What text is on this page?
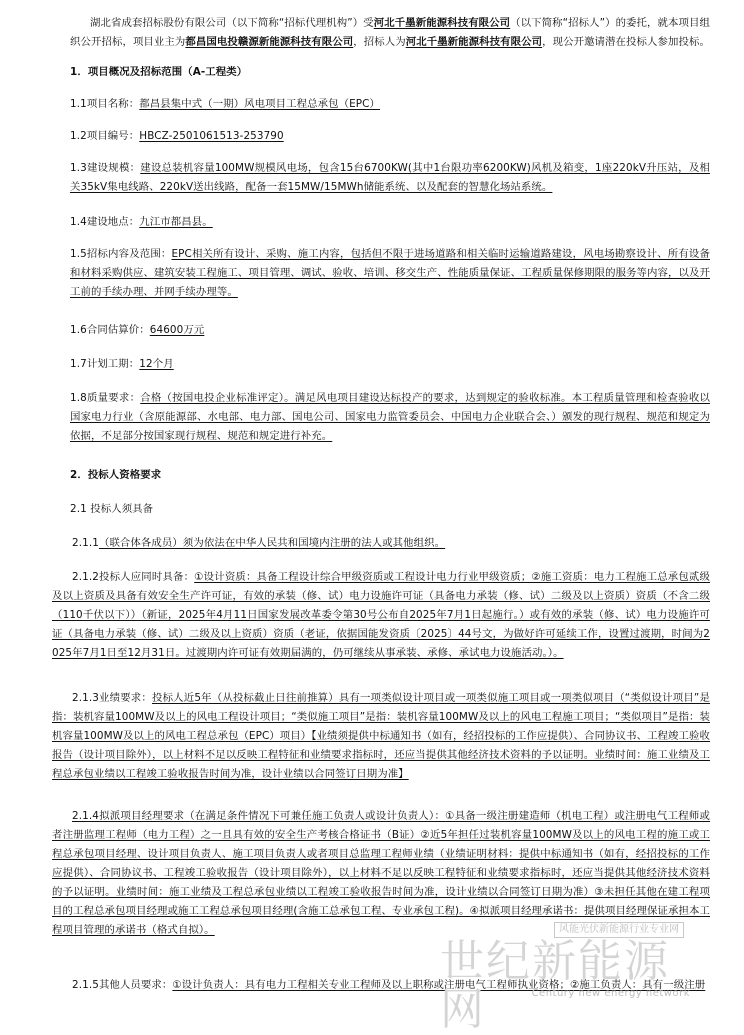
湖北省成套招标股份有限公司（以下简称“招标代理机构”）受河北千墨新能源科技有限公司（以下简称“招标人”）的委托，就本项目组织公开招标，项目业主为都昌国电投赣源新能源科技有限公司，招标人为河北千墨新能源科技有限公司，现公开邀请潜在投标人参加投标。

1．项目概况及招标范围（A-工程类）

1.1项目名称：都昌县集中式（一期）风电项目工程总承包（EPC）

1.2项目编号：HBCZ-2501061513-253790

1.3建设规模：建设总装机容量100MW规模风电场，包含15台6700KW(其中1台限功率6200KW)风机及箱变，1座220kV升压站，及相关35kV集电线路、220kV送出线路，配备一套15MW/15MWh储能系统、以及配套的智慧化场站系统。

1.4建设地点：九江市都昌县。

1.5招标内容及范围：EPC相关所有设计、采购、施工内容，包括但不限于进场道路和相关临时运输道路建设，风电场勘察设计、所有设备和材料采购供应、建筑安装工程施工、项目管理、调试、验收、培训、移交生产、性能质量保证、工程质量保修期限的服务等内容，以及开工前的手续办理、并网手续办理等。

1.6合同估算价：64600万元

1.7计划工期：12个月

1.8质量要求：合格（按国电投企业标准评定）。满足风电项目建设达标投产的要求，达到规定的验收标准。本工程质量管理和检查验收以国家电力行业（含原能源部、水电部、电力部、国电公司、国家电力监管委员会、中国电力企业联合会、）颁发的现行规程、规范和规定为依据，不足部分按国家现行规程、规范和规定进行补充。

2．投标人资格要求

2.1 投标人须具备

2.1.1（联合体各成员）须为依法在中华人民共和国境内注册的法人或其他组织。

2.1.2投标人应同时具备：①设计资质：具备工程设计综合甲级资质或工程设计电力行业甲级资质；②施工资质：电力工程施工总承包贰级及以上资质及具备有效安全生产许可证，有效的承装（修、试）电力设施许可证（具备电力承装（修、试）二级及以上资质）资质（不含二级（110千伏以下））（新证，2025年4月11日国家发展改革委令第30号公布自2025年7月1日起施行。）或有效的承装（修、试）电力设施许可证（具备电力承装（修、试）二级及以上资质）资质（老证，依据国能发资质〔2025〕44号文，为做好许可延续工作，设置过渡期，时间为2025年7月1日至12月31日。过渡期内许可证有效期届满的，仍可继续从事承装、承修、承试电力设施活动。）。

2.1.3业绩要求：投标人近5年（从投标截止日往前推算）具有一项类似设计项目或一项类似施工项目或一项类似项目（“类似设计项目”是指：装机容量100MW及以上的风电工程设计项目；“类似施工项目”是指：装机容量100MW及以上的风电工程施工项目；“类似项目”是指：装机容量100MW及以上的风电工程总承包（EPC）项目）【业绩须提供中标通知书（如有，经招投标的工作应提供）、合同协议书、工程竣工验收报告（设计项目除外），以上材料不足以反映工程特征和业绩要求指标时，还应当提供其他经济技术资料的予以证明。业绩时间：施工业绩及工程总承包业绩以工程竣工验收报告时间为准，设计业绩以合同签订日期为准】

2.1.4拟派项目经理要求（在满足条件情况下可兼任施工负责人或设计负责人）：①具备一级注册建造师（机电工程）或注册电气工程师或者注册监理工程师（电力工程）之一且具有效的安全生产考核合格证书（B证）②近5年担任过装机容量100MW及以上的风电工程的施工或工程总承包项目经理、设计项目负责人、施工项目负责人或者项目总监理工程师业绩（业绩证明材料：提供中标通知书（如有，经招投标的工作应提供）、合同协议书、工程竣工验收报告（设计项目除外），以上材料不足以反映工程特征和业绩要求指标时，还应当提供其他经济技术资料的予以证明。业绩时间：施工业绩及工程总承包业绩以工程竣工验收报告时间为准，设计业绩以合同签订日期为准）③未担任其他在建工程项目的工程总承包项目经理或施工工程总承包项目经理(含施工总承包工程、专业承包工程)。④拟派项目经理承诺书：提供项目经理保证承担本工程项目管理的承诺书（格式自拟）。

2.1.5其他人员要求：①设计负责人：具有电力工程相关专业工程师及以上职称或注册电气工程师执业资格；②施工负责人：具有一级注册

风能光伏新能源行业专业网
世纪新能源网	Century new energy network
